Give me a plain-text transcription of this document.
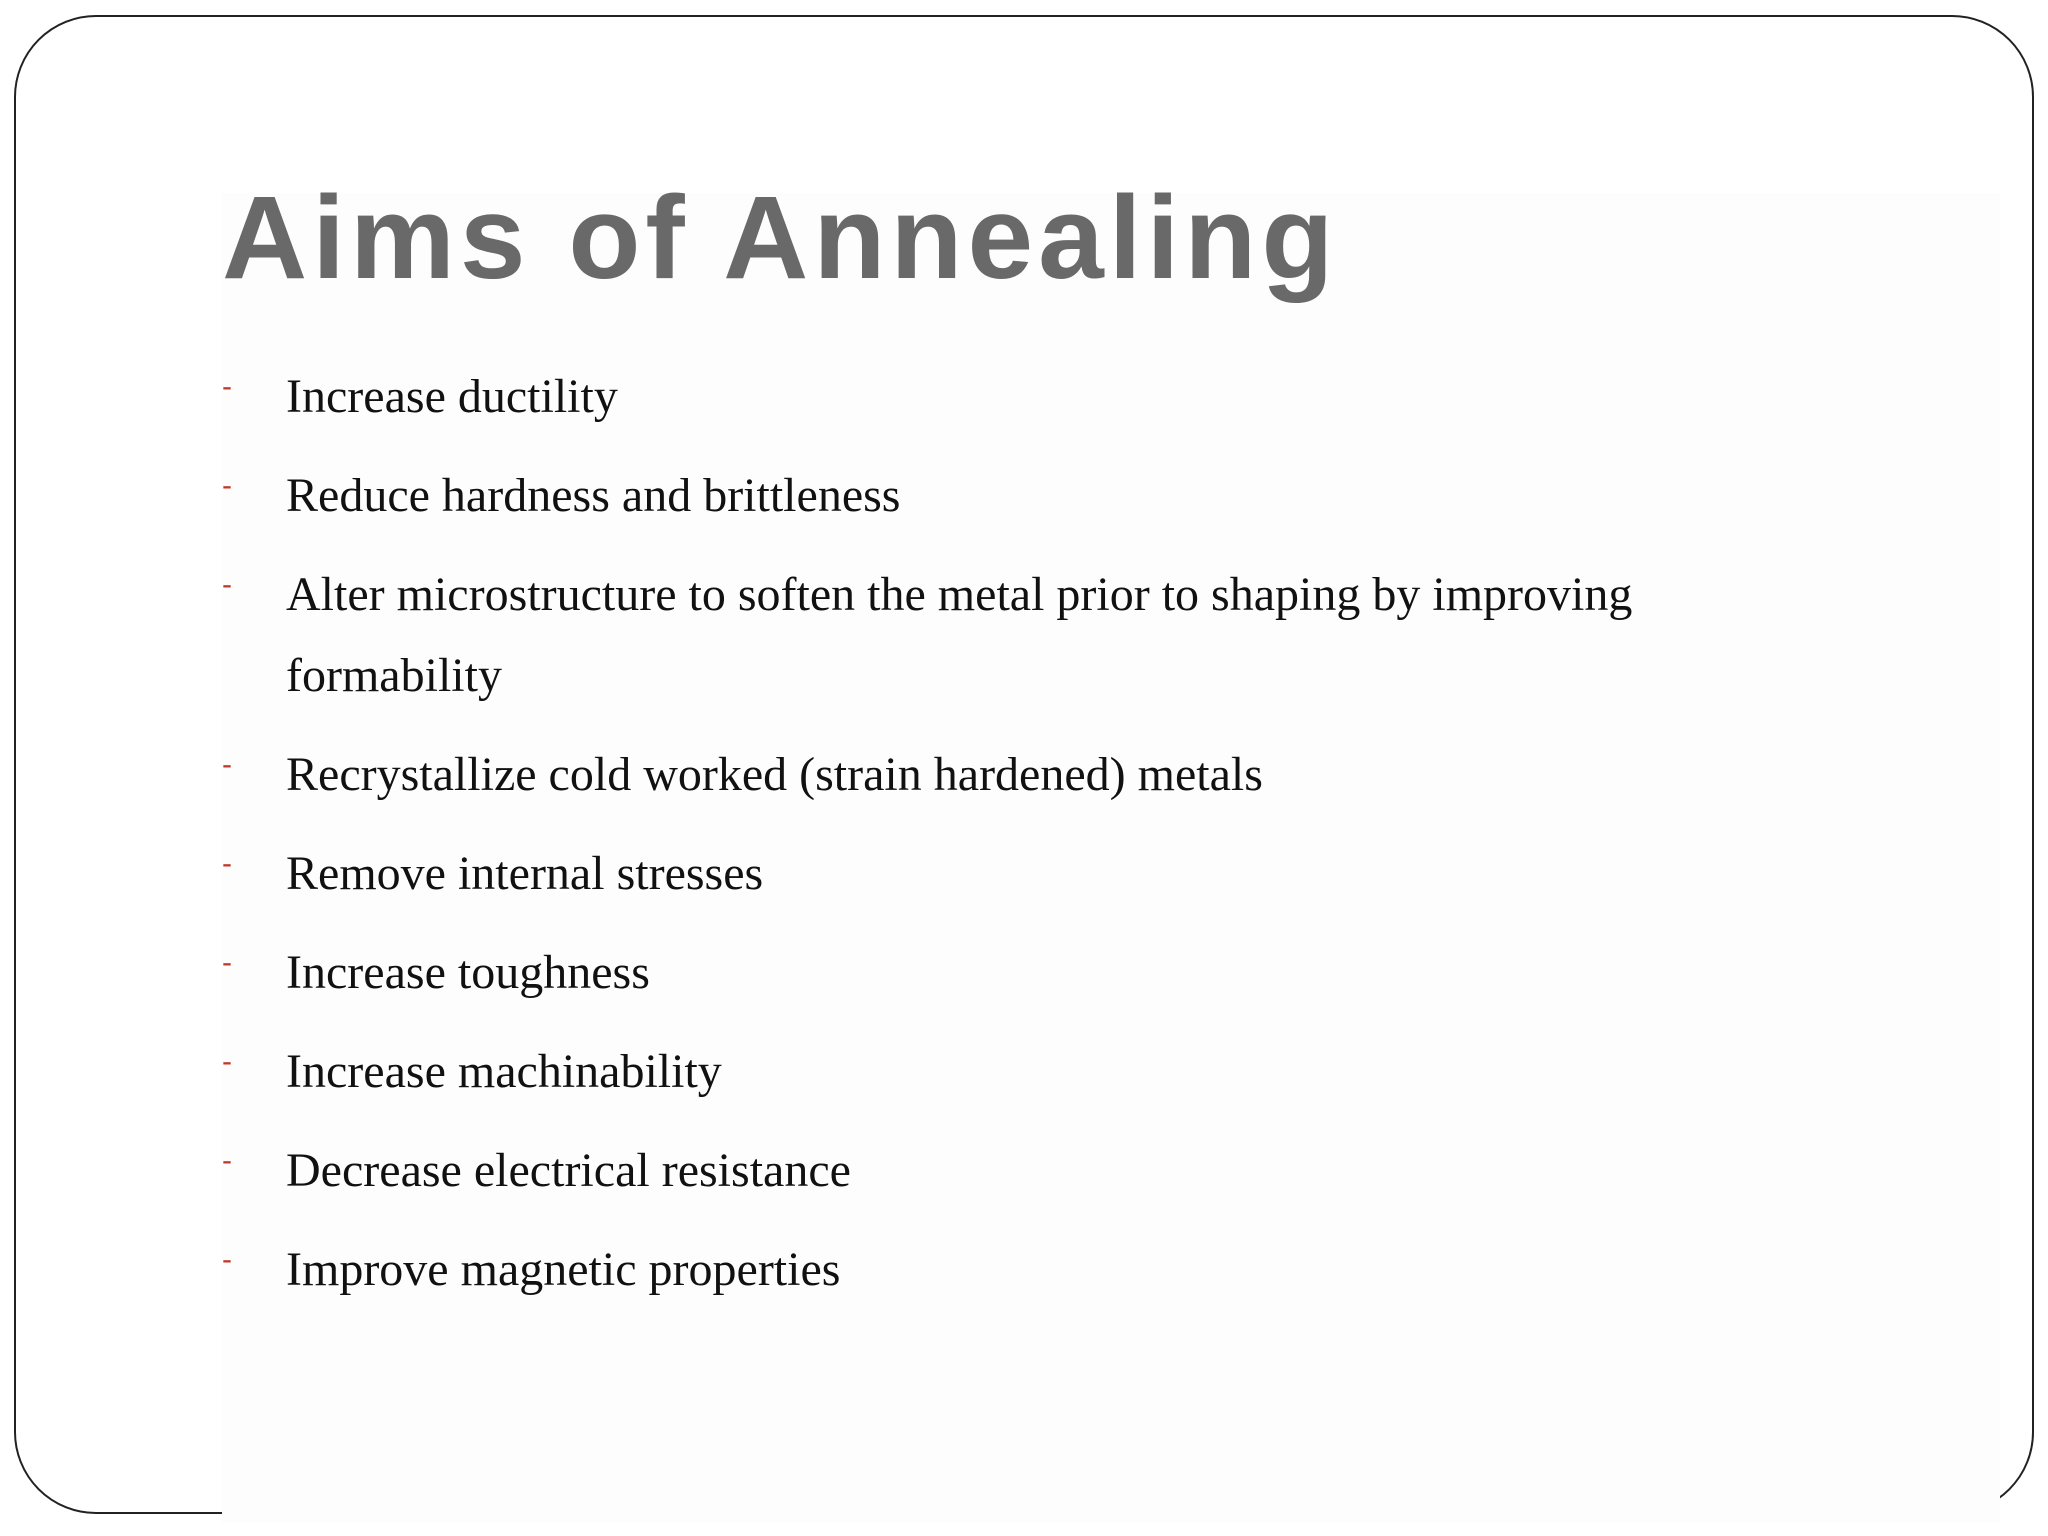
Aims of Annealing
- Increase ductility
- Reduce hardness and brittleness
- Alter microstructure to soften the metal prior to shaping by improving formability
- Recrystallize cold worked (strain hardened) metals
- Remove internal stresses
- Increase toughness
- Increase machinability
- Decrease electrical resistance
- Improve magnetic properties
